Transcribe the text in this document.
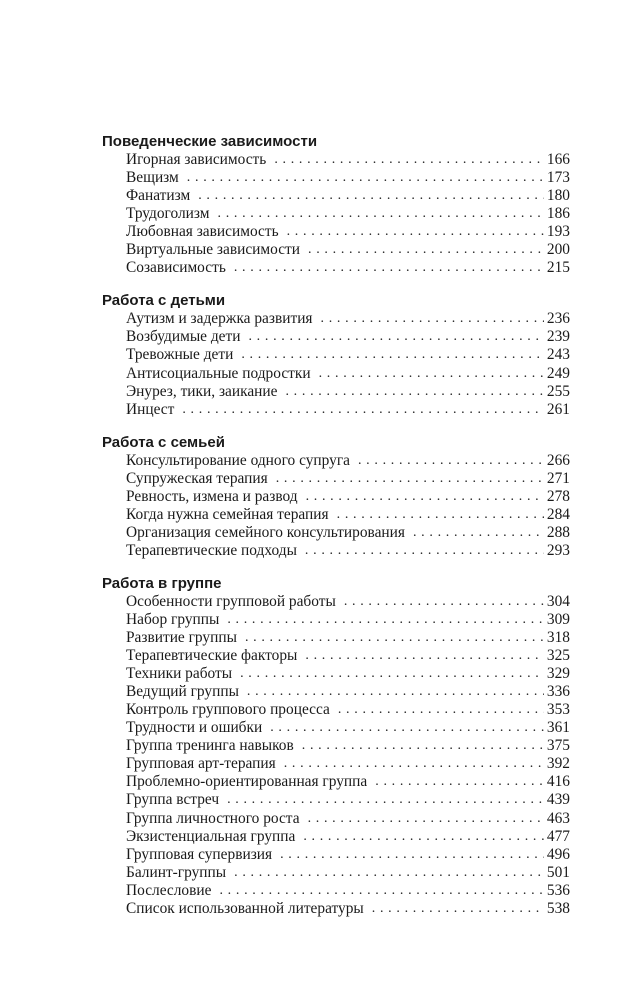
Поведенческие зависимости
Игорная зависимость . . .	166
Вещизм . . .	173
Фанатизм . . .	180
Трудоголизм . . .	186
Любовная зависимость . . .	193
Виртуальные зависимости . . .	200
Созависимость . . .	215
Работа с детьми
Аутизм и задержка развития . . .	236
Возбудимые дети . . .	239
Тревожные дети . . .	243
Антисоциальные подростки . . .	249
Энурез, тики, заикание . . .	255
Инцест . . .	261
Работа с семьей
Консультирование одного супруга . . .	266
Супружеская терапия . . .	271
Ревность, измена и развод . . .	278
Когда нужна семейная терапия . . .	284
Организация семейного консультирования . . .	288
Терапевтические подходы . . .	293
Работа в группе
Особенности групповой работы . . .	304
Набор группы . . .	309
Развитие группы . . .	318
Терапевтические факторы . . .	325
Техники работы . . .	329
Ведущий группы . . .	336
Контроль группового процесса . . .	353
Трудности и ошибки . . .	361
Группа тренинга навыков . . .	375
Групповая арт-терапия . . .	392
Проблемно-ориентированная группа . . .	416
Группа встреч . . .	439
Группа личностного роста . . .	463
Экзистенциальная группа . . .	477
Групповая супервизия . . .	496
Балинт-группы . . .	501
Послесловие . . .	536
Список использованной литературы . . .	538
